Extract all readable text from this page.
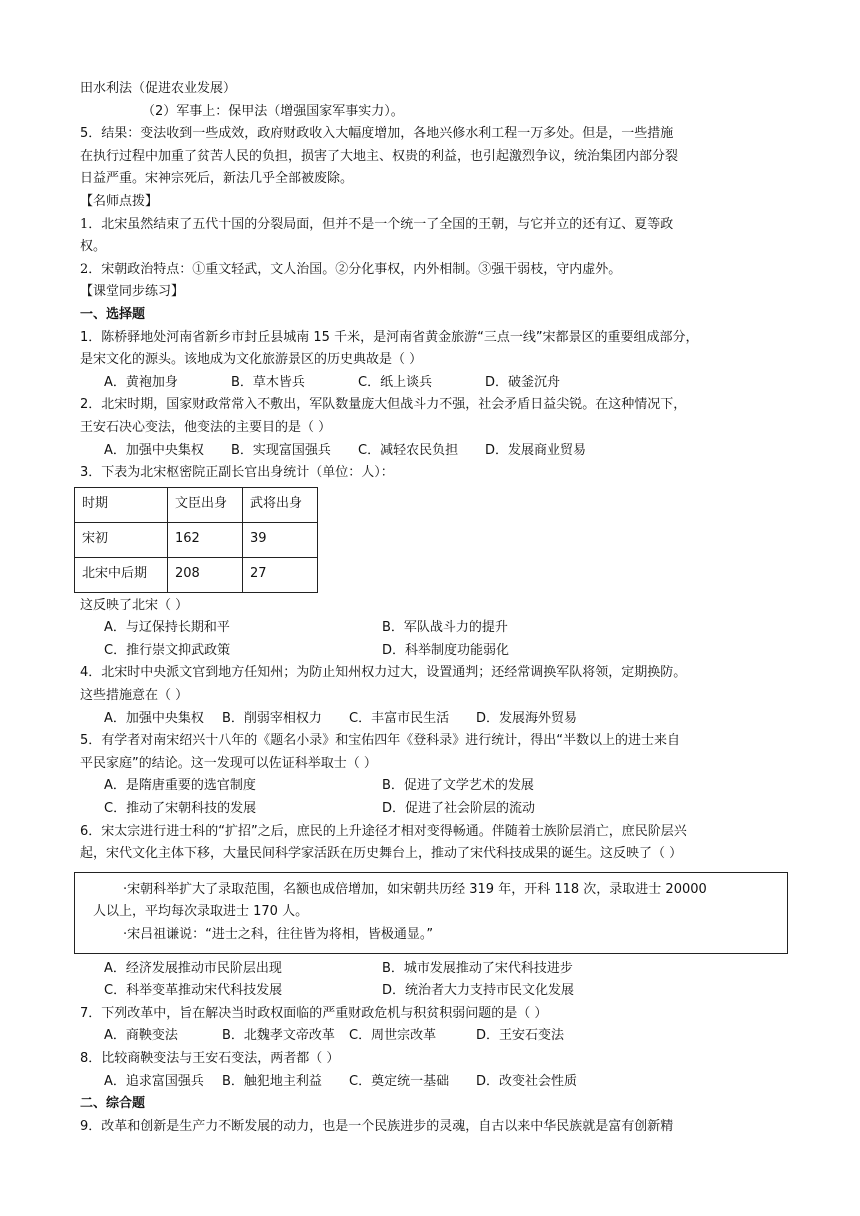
田水利法（促进农业发展）
（2）军事上：保甲法（增强国家军事实力）。
5．结果：变法收到一些成效，政府财政收入大幅度增加，各地兴修水利工程一万多处。但是，一些措施
在执行过程中加重了贫苦人民的负担，损害了大地主、权贵的利益，也引起激烈争议，统治集团内部分裂
日益严重。宋神宗死后，新法几乎全部被废除。
【名师点拨】
1．北宋虽然结束了五代十国的分裂局面，但并不是一个统一了全国的王朝，与它并立的还有辽、夏等政
权。
2．宋朝政治特点：①重文轻武，文人治国。②分化事权，内外相制。③强干弱枝，守内虚外。
【课堂同步练习】
一、选择题
1．陈桥驿地处河南省新乡市封丘县城南 15 千米，是河南省黄金旅游“三点一线”宋都景区的重要组成部分，
是宋文化的源头。该地成为文化旅游景区的历史典故是（ ）
A．黄袍加身	B．草木皆兵	C．纸上谈兵	D．破釜沉舟
2．北宋时期，国家财政常常入不敷出，军队数量庞大但战斗力不强，社会矛盾日益尖锐。在这种情况下，
王安石决心变法，他变法的主要目的是（ ）
A．加强中央集权	B．实现富国强兵	C．减轻农民负担	D．发展商业贸易
3．下表为北宋枢密院正副长官出身统计（单位：人）：
时期	文臣出身	武将出身
宋初	162	39
北宋中后期	208	27
这反映了北宋（ ）
A．与辽保持长期和平	B．军队战斗力的提升
C．推行崇文抑武政策	D．科举制度功能弱化
4．北宋时中央派文官到地方任知州；为防止知州权力过大，设置通判；还经常调换军队将领，定期换防。
这些措施意在（ ）
A．加强中央集权	B．削弱宰相权力	C．丰富市民生活	D．发展海外贸易
5．有学者对南宋绍兴十八年的《题名小录》和宝佑四年《登科录》进行统计，得出“半数以上的进士来自
平民家庭”的结论。这一发现可以佐证科举取士（ ）
A．是隋唐重要的选官制度	B．促进了文学艺术的发展
C．推动了宋朝科技的发展	D．促进了社会阶层的流动
6．宋太宗进行进士科的“扩招”之后，庶民的上升途径才相对变得畅通。伴随着士族阶层消亡，庶民阶层兴
起，宋代文化主体下移，大量民间科学家活跃在历史舞台上，推动了宋代科技成果的诞生。这反映了（ ）
·宋朝科举扩大了录取范围，名额也成倍增加，如宋朝共历经 319 年，开科 118 次，录取进士 20000
人以上，平均每次录取进士 170 人。
·宋吕祖谦说：“进士之科，往往皆为将相，皆极通显。”
A．经济发展推动市民阶层出现	B．城市发展推动了宋代科技进步
C．科举变革推动宋代科技发展	D．统治者大力支持市民文化发展
7．下列改革中，旨在解决当时政权面临的严重财政危机与积贫积弱问题的是（ ）
A．商鞅变法	B．北魏孝文帝改革	C．周世宗改革	D．王安石变法
8．比较商鞅变法与王安石变法，两者都（ ）
A．追求富国强兵	B．触犯地主利益	C．奠定统一基础	D．改变社会性质
二、综合题
9．改革和创新是生产力不断发展的动力，也是一个民族进步的灵魂，自古以来中华民族就是富有创新精
